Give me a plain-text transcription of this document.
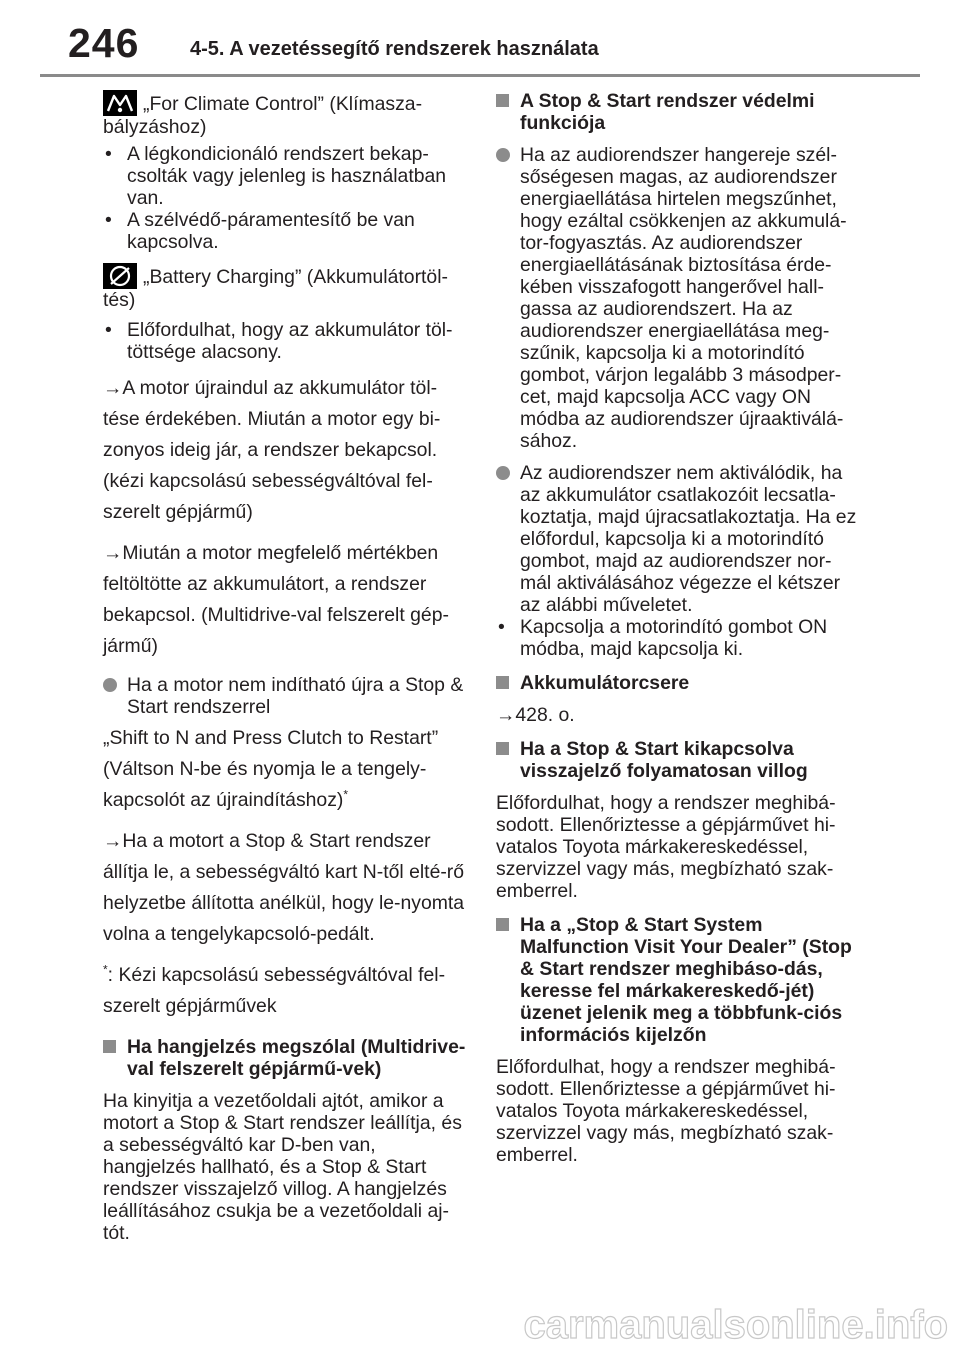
246	4-5. A vezetéssegítő rendszerek használata

„For Climate Control” (Klímasza-
bályzáshoz)

• A légkondicionáló rendszert bekap-csolták vagy jelenleg is használatban van.
• A szélvédő-páramentesítő be van kapcsolva.

„Battery Charging” (Akkumulátortöl-
tés)

• Előfordulhat, hogy az akkumulátor töl-töttsége alacsony.

→A motor újraindul az akkumulátor töl-tése érdekében. Miután a motor egy bi-zonyos ideig jár, a rendszer bekapcsol. (kézi kapcsolású sebességváltóval fel-szerelt gépjármű)

→Miután a motor megfelelő mértékben feltöltötte az akkumulátort, a rendszer bekapcsol. (Multidrive-val felszerelt gép-jármű)

Ha a motor nem indítható újra a Stop & Start rendszerrel

„Shift to N and Press Clutch to Restart” (Váltson N-be és nyomja le a tengely-kapcsolót az újraindításhoz)*

→Ha a motort a Stop & Start rendszer állítja le, a sebességváltó kart N-től elté-rő helyzetbe állította anélkül, hogy le-nyomta volna a tengelykapcsoló-pedált.

*: Kézi kapcsolású sebességváltóval fel-szerelt gépjárművek

Ha hangjelzés megszólal (Multidrive-val felszerelt gépjármű-vek)

Ha kinyitja a vezetőoldali ajtót, amikor a motort a Stop & Start rendszer leállítja, és a sebességváltó kar D-ben van, hangjelzés hallható, és a Stop & Start rendszer visszajelző villog. A hangjelzés leállításához csukja be a vezetőoldali aj-tót.

A Stop & Start rendszer védelmi funkciója
Ha az audiorendszer hangereje szél-sőségesen magas, az audiorendszer energiaellátása hirtelen megszűnhet, hogy ezáltal csökkenjen az akkumulá-tor-fogyasztás. Az audiorendszer energiaellátásának biztosítása érde-kében visszafogott hangerővel hall-gassa az audiorendszert. Ha az audiorendszer energiaellátása meg-szűnik, kapcsolja ki a motorindító gombot, várjon legalább 3 másodper-cet, majd kapcsolja ACC vagy ON módba az audiorendszer újraaktiválá-sához.
Az audiorendszer nem aktiválódik, ha az akkumulátor csatlakozóit lecsatla-koztatja, majd újracsatlakoztatja. Ha ez előfordul, kapcsolja ki a motorindító gombot, majd az audiorendszer nor-mál aktiválásához végezze el kétszer az alábbi műveletet.
• Kapcsolja a motorindító gombot ON módba, majd kapcsolja ki.
Akkumulátorcsere

→428. o.

Ha a Stop & Start kikapcsolva visszajelző folyamatosan villog

Előfordulhat, hogy a rendszer meghibá-sodott. Ellenőriztesse a gépjárművet hi-vatalos Toyota márkakereskedéssel, szervizzel vagy más, megbízható szak-emberrel.

Ha a „Stop & Start System Malfunction Visit Your Dealer” (Stop & Start rendszer meghibáso-dás, keresse fel márkakereskedő-jét) üzenet jelenik meg a többfunk-ciós információs kijelzőn

Előfordulhat, hogy a rendszer meghibá-sodott. Ellenőriztesse a gépjárművet hi-vatalos Toyota márkakereskedéssel, szervizzel vagy más, megbízható szak-emberrel.

carmanualsonline.info
